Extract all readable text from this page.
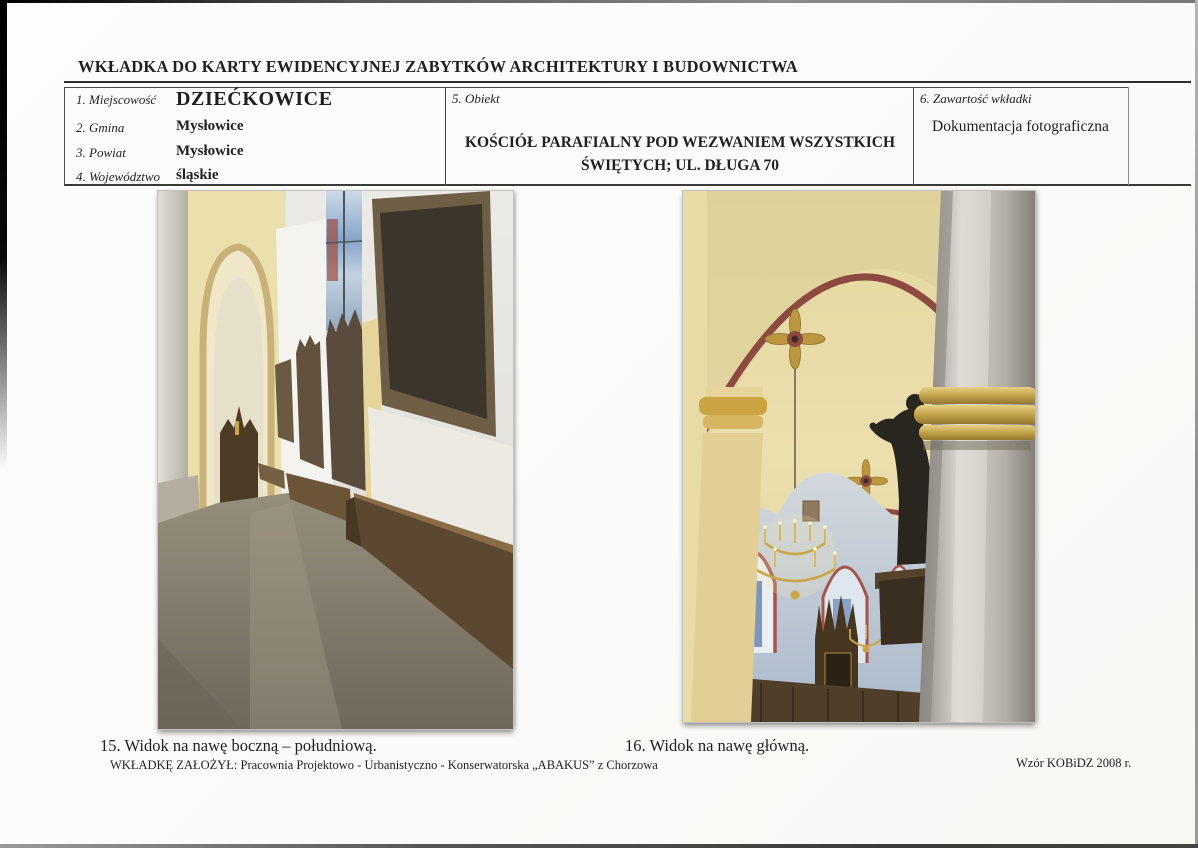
WKŁADKA DO KARTY EWIDENCYJNEJ ZABYTKÓW ARCHITEKTURY I BUDOWNICTWA
1. Miejscowość DZIEĆKOWICE
2. Gmina	Mysłowice
3. Powiat	Mysłowice
4. Województwo śląskie
5. Obiekt
KOŚCIÓŁ PARAFIALNY POD WEZWANIEM WSZYSTKICH ŚWIĘTYCH; UL. DŁUGA 70
6. Zawartość wkładki
Dokumentacja fotograficzna
15. Widok na nawę boczną – południową.	16. Widok na nawę główną.
WKŁADKĘ ZAŁOŻYŁ: Pracownia Projektowo - Urbanistyczno - Konserwatorska „ABAKUS” z Chorzowa	Wzór KOBiDZ 2008 r.
